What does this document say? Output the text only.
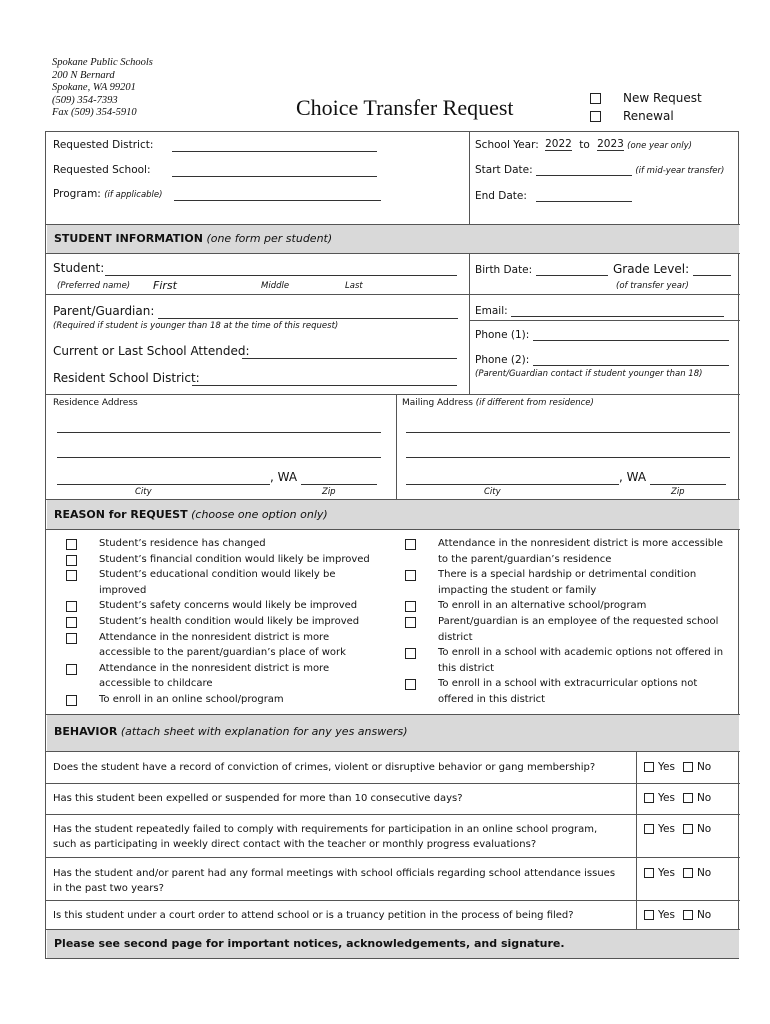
Spokane Public Schools
200 N Bernard
Spokane, WA 99201
(509) 354-7393
Fax (509) 354-5910	Choice Transfer Request	New Request
Renewal
Requested District:
Requested School:
Program: (if applicable)
School Year: 2022 to 2023 (one year only)
Start Date:	(if mid-year transfer)
End Date:
STUDENT INFORMATION (one form per student)
Student:
(Preferred name) First	Middle	Last
Birth Date:	Grade Level:
(of transfer year)
Parent/Guardian:
(Required if student is younger than 18 at the time of this request)
Current or Last School Attended:
Resident School District:
Email:
Phone (1):
Phone (2):
(Parent/Guardian contact if student younger than 18)
Residence Address	Mailing Address (if different from residence)
, WA
City	Zip
, WA
City	Zip
REASON for REQUEST (choose one option only)
Student’s residence has changed
Student’s financial condition would likely be improved
Student’s educational condition would likely be
improved
Student’s safety concerns would likely be improved
Student’s health condition would likely be improved
Attendance in the nonresident district is more
accessible to the parent/guardian’s place of work
Attendance in the nonresident district is more
accessible to childcare
To enroll in an online school/program
Attendance in the nonresident district is more accessible
to the parent/guardian’s residence
There is a special hardship or detrimental condition
impacting the student or family
To enroll in an alternative school/program
Parent/guardian is an employee of the requested school
district
To enroll in a school with academic options not offered in
this district
To enroll in a school with extracurricular options not
offered in this district
BEHAVIOR (attach sheet with explanation for any yes answers)
Does the student have a record of conviction of crimes, violent or disruptive behavior or gang membership?	Yes No
Has this student been expelled or suspended for more than 10 consecutive days?	Yes No
Has the student repeatedly failed to comply with requirements for participation in an online school program,
such as participating in weekly direct contact with the teacher or monthly progress evaluations?
Yes No
Has the student and/or parent had any formal meetings with school officials regarding school attendance issues
in the past two years?
Yes No
Is this student under a court order to attend school or is a truancy petition in the process of being filed?	Yes No
Please see second page for important notices, acknowledgements, and signature.
